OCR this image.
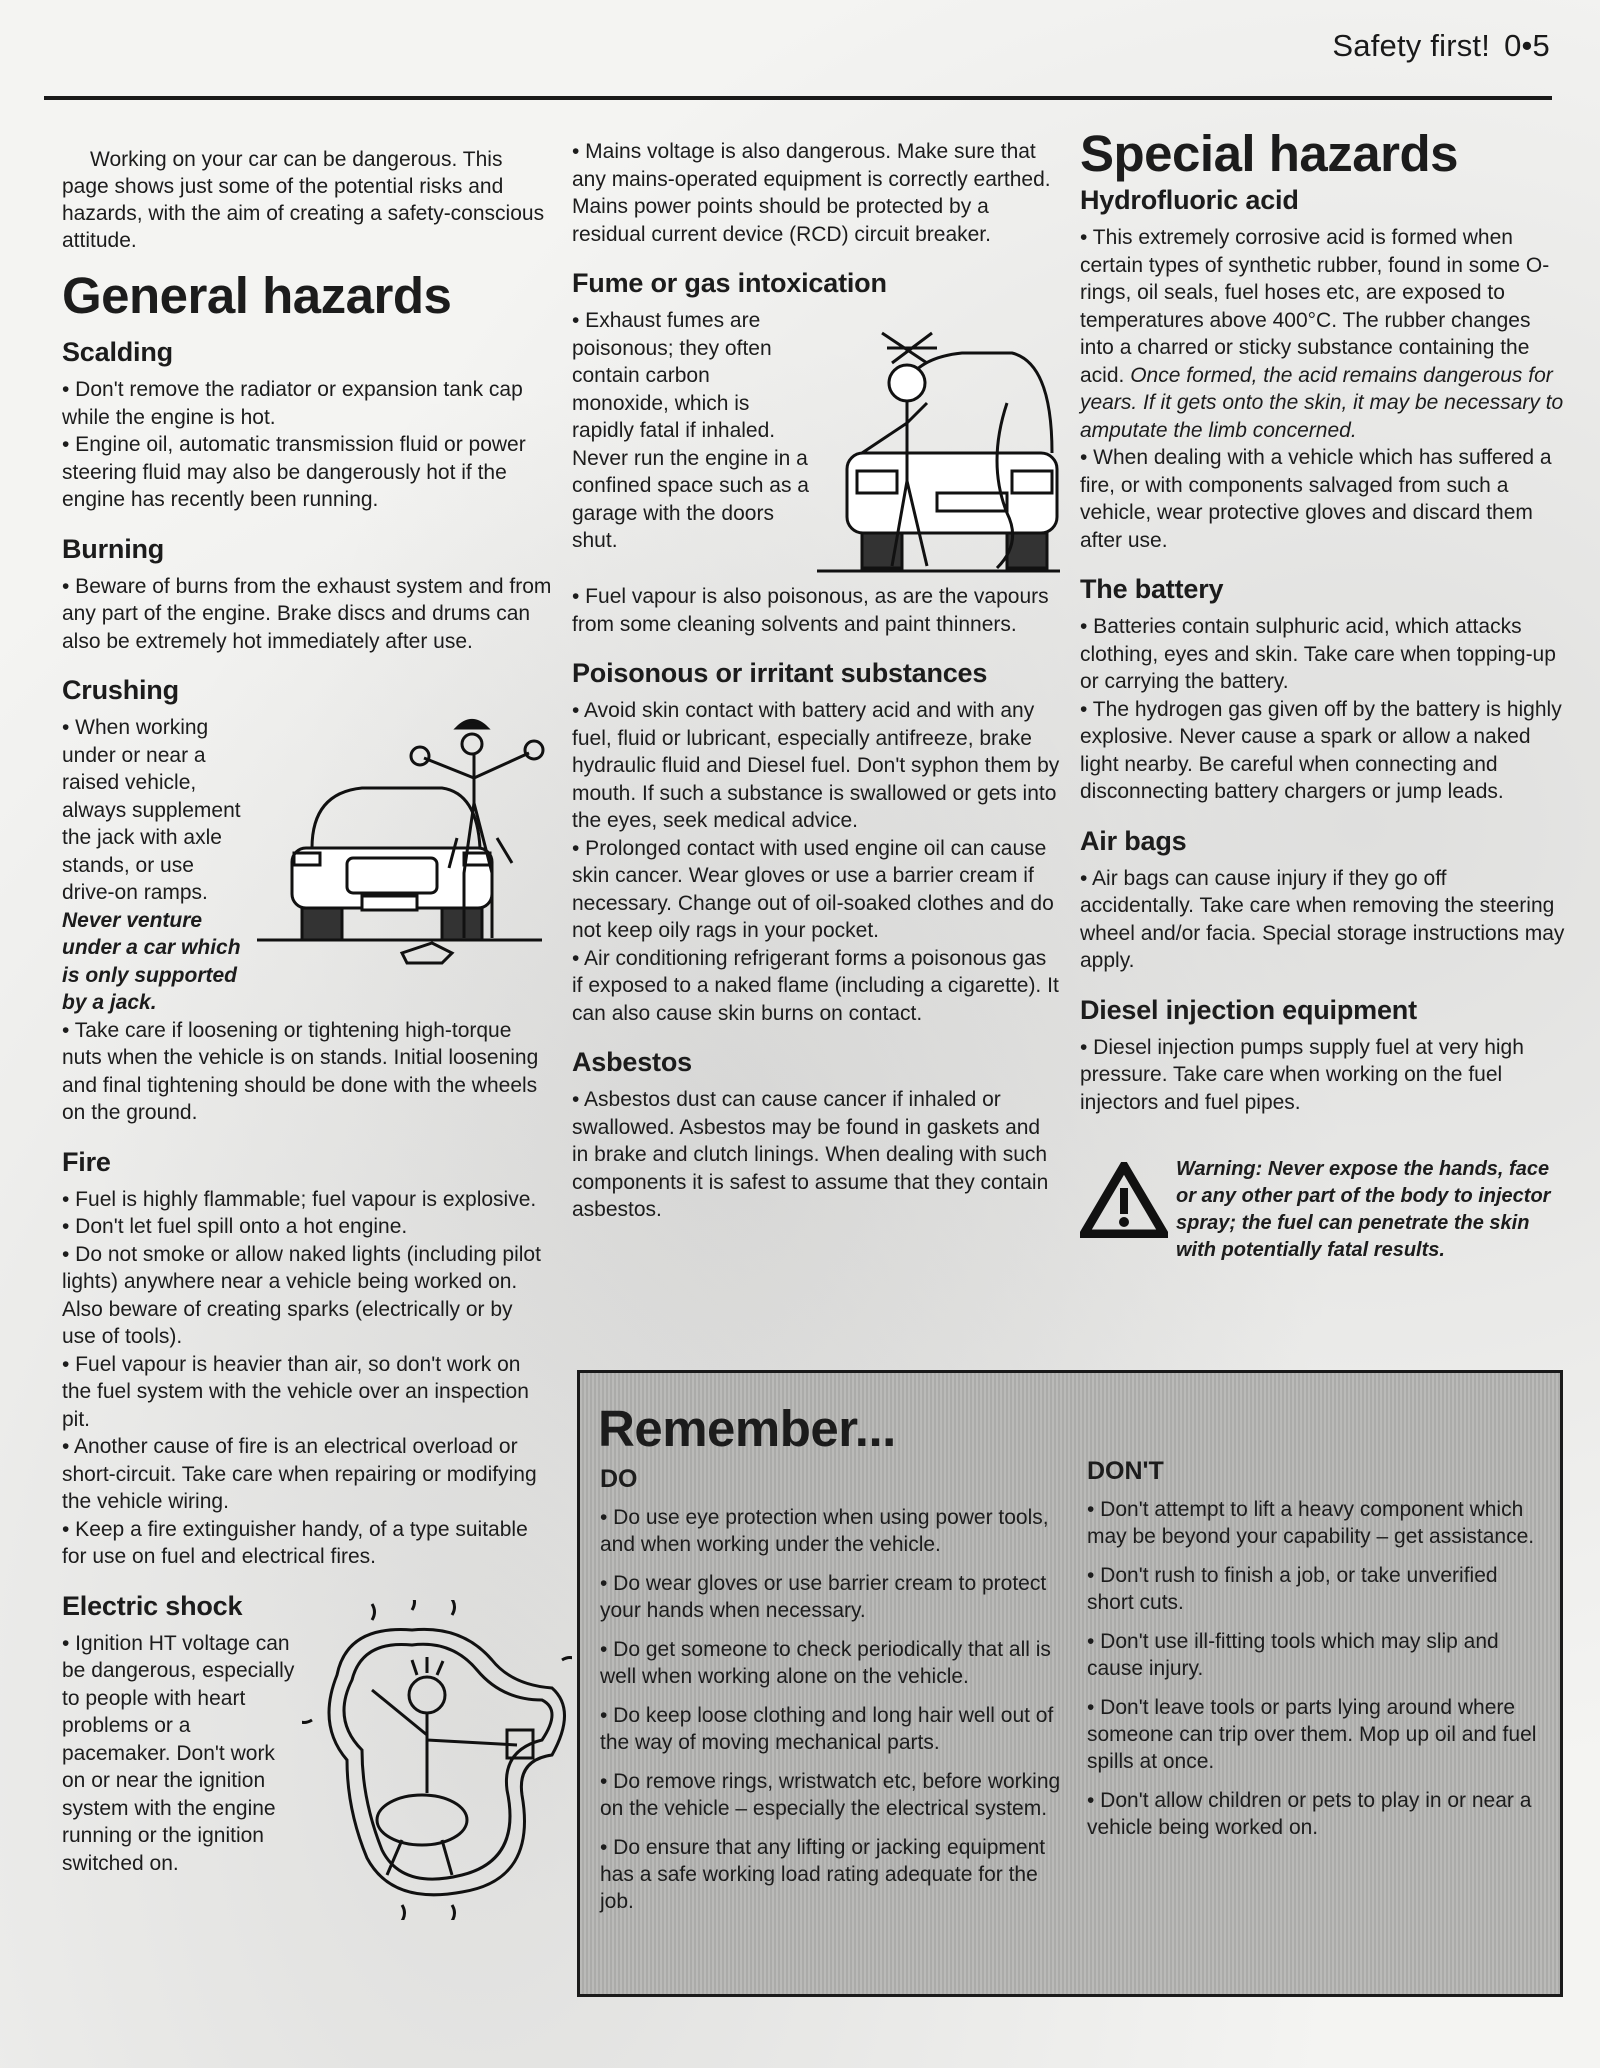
Safety first! 0•5

Working on your car can be dangerous. This page shows just some of the potential risks and hazards, with the aim of creating a safety-conscious attitude.

General hazards
Scalding

• Don't remove the radiator or expansion tank cap while the engine is hot.

• Engine oil, automatic transmission fluid or power steering fluid may also be dangerously hot if the engine has recently been running.

Burning

• Beware of burns from the exhaust system and from any part of the engine. Brake discs and drums can also be extremely hot immediately after use.

Crushing

• When working under or near a raised vehicle, always supplement the jack with axle stands, or use drive-on ramps.

Never venture under a car which is only supported by a jack.

• Take care if loosening or tightening high-torque nuts when the vehicle is on stands. Initial loosening and final tightening should be done with the wheels on the ground.

Fire

• Fuel is highly flammable; fuel vapour is explosive.

• Don't let fuel spill onto a hot engine.

• Do not smoke or allow naked lights (including pilot lights) anywhere near a vehicle being worked on. Also beware of creating sparks (electrically or by use of tools).

• Fuel vapour is heavier than air, so don't work on the fuel system with the vehicle over an inspection pit.

• Another cause of fire is an electrical overload or short-circuit. Take care when repairing or modifying the vehicle wiring.

• Keep a fire extinguisher handy, of a type suitable for use on fuel and electrical fires.

Electric shock

• Ignition HT voltage can be dangerous, especially to people with heart problems or a pacemaker. Don't work on or near the ignition system with the engine running or the ignition switched on.

• Mains voltage is also dangerous. Make sure that any mains-operated equipment is correctly earthed. Mains power points should be protected by a residual current device (RCD) circuit breaker.

Fume or gas intoxication

• Exhaust fumes are poisonous; they often contain carbon monoxide, which is rapidly fatal if inhaled. Never run the engine in a confined space such as a garage with the doors shut.

• Fuel vapour is also poisonous, as are the vapours from some cleaning solvents and paint thinners.

Poisonous or irritant substances

• Avoid skin contact with battery acid and with any fuel, fluid or lubricant, especially antifreeze, brake hydraulic fluid and Diesel fuel. Don't syphon them by mouth. If such a substance is swallowed or gets into the eyes, seek medical advice.

• Prolonged contact with used engine oil can cause skin cancer. Wear gloves or use a barrier cream if necessary. Change out of oil-soaked clothes and do not keep oily rags in your pocket.

• Air conditioning refrigerant forms a poisonous gas if exposed to a naked flame (including a cigarette). It can also cause skin burns on contact.

Asbestos

• Asbestos dust can cause cancer if inhaled or swallowed. Asbestos may be found in gaskets and in brake and clutch linings. When dealing with such components it is safest to assume that they contain asbestos.

Special hazards
Hydrofluoric acid

• This extremely corrosive acid is formed when certain types of synthetic rubber, found in some O-rings, oil seals, fuel hoses etc, are exposed to temperatures above 400°C. The rubber changes into a charred or sticky substance containing the acid. Once formed, the acid remains dangerous for years. If it gets onto the skin, it may be necessary to amputate the limb concerned.

• When dealing with a vehicle which has suffered a fire, or with components salvaged from such a vehicle, wear protective gloves and discard them after use.

The battery

• Batteries contain sulphuric acid, which attacks clothing, eyes and skin. Take care when topping-up or carrying the battery.

• The hydrogen gas given off by the battery is highly explosive. Never cause a spark or allow a naked light nearby. Be careful when connecting and disconnecting battery chargers or jump leads.

Air bags

• Air bags can cause injury if they go off accidentally. Take care when removing the steering wheel and/or facia. Special storage instructions may apply.

Diesel injection equipment

• Diesel injection pumps supply fuel at very high pressure. Take care when working on the fuel injectors and fuel pipes.

Warning: Never expose the hands, face or any other part of the body to injector spray; the fuel can penetrate the skin with potentially fatal results.
Remember...
DO

• Do use eye protection when using power tools, and when working under the vehicle.

• Do wear gloves or use barrier cream to protect your hands when necessary.

• Do get someone to check periodically that all is well when working alone on the vehicle.

• Do keep loose clothing and long hair well out of the way of moving mechanical parts.

• Do remove rings, wristwatch etc, before working on the vehicle – especially the electrical system.

• Do ensure that any lifting or jacking equipment has a safe working load rating adequate for the job.

DON'T

• Don't attempt to lift a heavy component which may be beyond your capability – get assistance.

• Don't rush to finish a job, or take unverified short cuts.

• Don't use ill-fitting tools which may slip and cause injury.

• Don't leave tools or parts lying around where someone can trip over them. Mop up oil and fuel spills at once.

• Don't allow children or pets to play in or near a vehicle being worked on.
